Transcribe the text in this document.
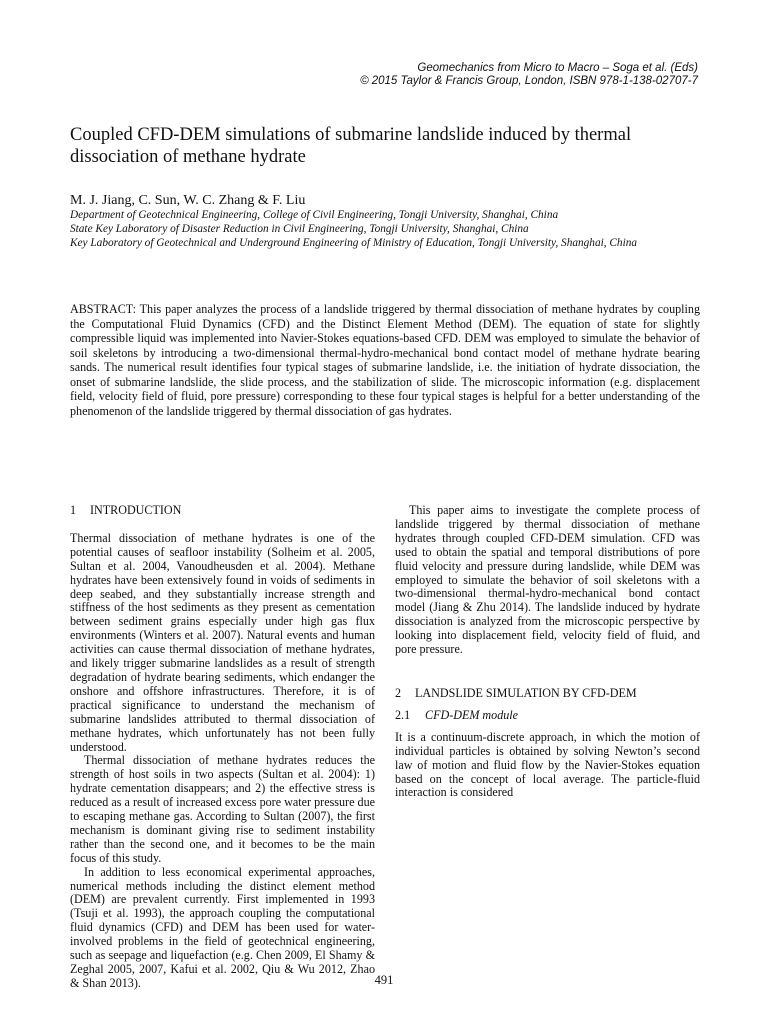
Geomechanics from Micro to Macro – Soga et al. (Eds)
© 2015 Taylor & Francis Group, London, ISBN 978-1-138-02707-7
Coupled CFD-DEM simulations of submarine landslide induced by thermal dissociation of methane hydrate
M. J. Jiang, C. Sun, W. C. Zhang & F. Liu
Department of Geotechnical Engineering, College of Civil Engineering, Tongji University, Shanghai, China
State Key Laboratory of Disaster Reduction in Civil Engineering, Tongji University, Shanghai, China
Key Laboratory of Geotechnical and Underground Engineering of Ministry of Education, Tongji University, Shanghai, China
ABSTRACT: This paper analyzes the process of a landslide triggered by thermal dissociation of methane hydrates by coupling the Computational Fluid Dynamics (CFD) and the Distinct Element Method (DEM). The equation of state for slightly compressible liquid was implemented into Navier-Stokes equations-based CFD. DEM was employed to simulate the behavior of soil skeletons by introducing a two-dimensional thermal-hydro-mechanical bond contact model of methane hydrate bearing sands. The numerical result identifies four typical stages of submarine landslide, i.e. the initiation of hydrate dissociation, the onset of submarine landslide, the slide process, and the stabilization of slide. The microscopic information (e.g. displacement field, velocity field of fluid, pore pressure) corresponding to these four typical stages is helpful for a better understanding of the phenomenon of the landslide triggered by thermal dissociation of gas hydrates.
1 INTRODUCTION

Thermal dissociation of methane hydrates is one of the potential causes of seafloor instability (Solheim et al. 2005, Sultan et al. 2004, Vanoudheusden et al. 2004). Methane hydrates have been extensively found in voids of sediments in deep seabed, and they substantially increase strength and stiffness of the host sediments as they present as cementation between sediment grains especially under high gas flux environments (Winters et al. 2007). Natural events and human activities can cause thermal dissociation of methane hydrates, and likely trigger submarine landslides as a result of strength degradation of hydrate bearing sediments, which endanger the onshore and offshore infrastructures. Therefore, it is of practical significance to understand the mechanism of submarine landslides attributed to thermal dissociation of methane hydrates, which unfortunately has not been fully understood.

Thermal dissociation of methane hydrates reduces the strength of host soils in two aspects (Sultan et al. 2004): 1) hydrate cementation disappears; and 2) the effective stress is reduced as a result of increased excess pore water pressure due to escaping methane gas. According to Sultan (2007), the first mechanism is dominant giving rise to sediment instability rather than the second one, and it becomes to be the main focus of this study.

In addition to less economical experimental approaches, numerical methods including the distinct element method (DEM) are prevalent currently. First implemented in 1993 (Tsuji et al. 1993), the approach coupling the computational fluid dynamics (CFD) and DEM has been used for water-involved problems in the field of geotechnical engineering, such as seepage and liquefaction (e.g. Chen 2009, El Shamy & Zeghal 2005, 2007, Kafui et al. 2002, Qiu & Wu 2012, Zhao & Shan 2013).

This paper aims to investigate the complete process of landslide triggered by thermal dissociation of methane hydrates through coupled CFD-DEM simulation. CFD was used to obtain the spatial and temporal distributions of pore fluid velocity and pressure during landslide, while DEM was employed to simulate the behavior of soil skeletons with a two-dimensional thermal-hydro-mechanical bond contact model (Jiang & Zhu 2014). The landslide induced by hydrate dissociation is analyzed from the microscopic perspective by looking into displacement field, velocity field of fluid, and pore pressure.

2 LANDSLIDE SIMULATION BY CFD-DEM
2.1 CFD-DEM module

It is a continuum-discrete approach, in which the motion of individual particles is obtained by solving Newton’s second law of motion and fluid flow by the Navier-Stokes equation based on the concept of local average. The particle-fluid interaction is considered

491
